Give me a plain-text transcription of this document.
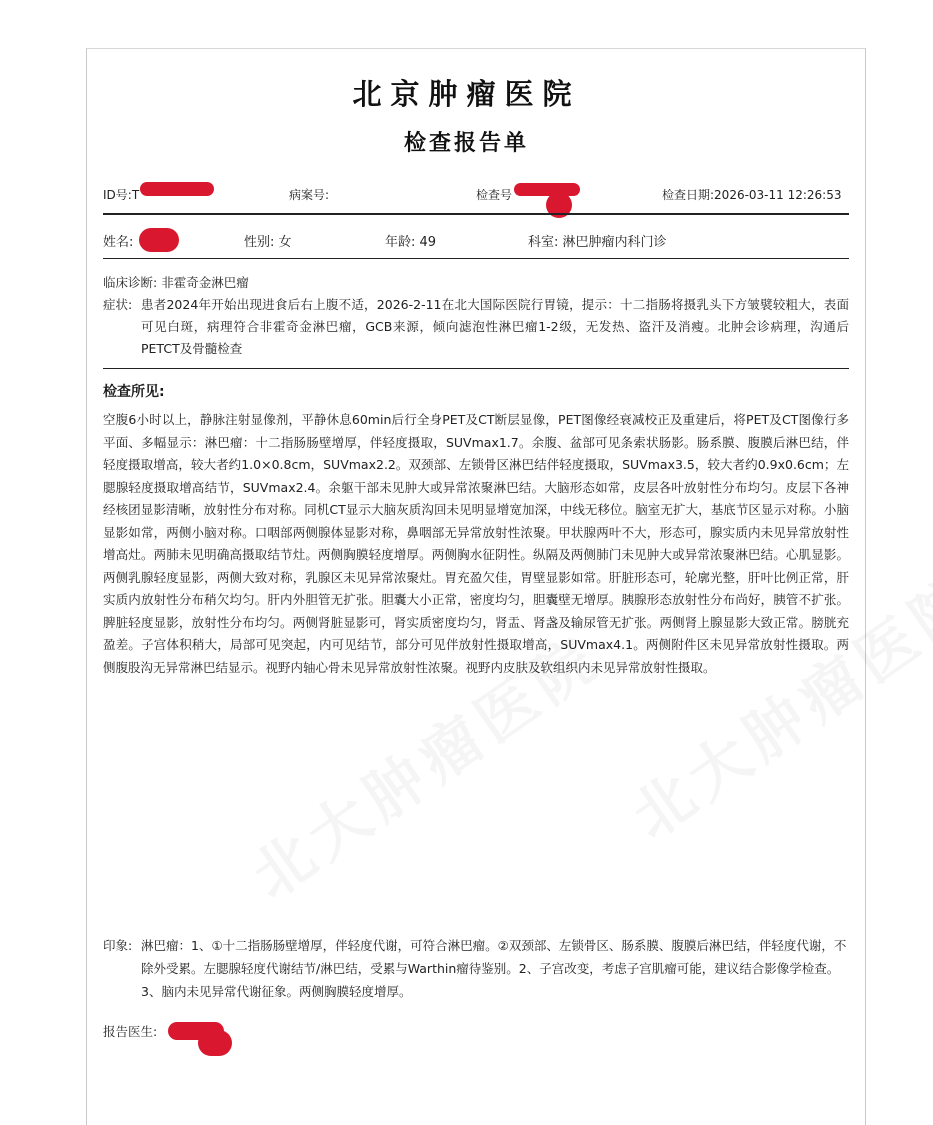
北京肿瘤医院
检查报告单
ID号:T	病案号:	检查号	检查日期:2026-03-11 12:26:53
姓名:	性别: 女	年龄: 49	科室: 淋巴肿瘤内科门诊
临床诊断: 非霍奇金淋巴瘤
症状: 患者2024年开始出现进食后右上腹不适，2026-2-11在北大国际医院行胃镜，提示：十二指肠将摄乳头下方皱襞较粗大，表面可见白斑，病理符合非霍奇金淋巴瘤，GCB来源，倾向滤泡性淋巴瘤1-2级，无发热、盗汗及消瘦。北肿会诊病理，沟通后PETCT及骨髓检查
检查所见:
空腹6小时以上，静脉注射显像剂，平静休息60min后行全身PET及CT断层显像，PET图像经衰减校正及重建后，将PET及CT图像行多平面、多幅显示：淋巴瘤：十二指肠肠壁增厚，伴轻度摄取，SUVmax1.7。余腹、盆部可见条索状肠影。肠系膜、腹膜后淋巴结，伴轻度摄取增高，较大者约1.0×0.8cm，SUVmax2.2。双颈部、左锁骨区淋巴结伴轻度摄取，SUVmax3.5，较大者约0.9x0.6cm；左腮腺轻度摄取增高结节，SUVmax2.4。余躯干部未见肿大或异常浓聚淋巴结。大脑形态如常，皮层各叶放射性分布均匀。皮层下各神经核团显影清晰，放射性分布对称。同机CT显示大脑灰质沟回未见明显增宽加深，中线无移位。脑室无扩大，基底节区显示对称。小脑显影如常，两侧小脑对称。口咽部两侧腺体显影对称，鼻咽部无异常放射性浓聚。甲状腺两叶不大，形态可，腺实质内未见异常放射性增高灶。两肺未见明确高摄取结节灶。两侧胸膜轻度增厚。两侧胸水征阴性。纵隔及两侧肺门未见肿大或异常浓聚淋巴结。心肌显影。两侧乳腺轻度显影，两侧大致对称，乳腺区未见异常浓聚灶。胃充盈欠佳，胃壁显影如常。肝脏形态可，轮廓光整，肝叶比例正常，肝实质内放射性分布稍欠均匀。肝内外胆管无扩张。胆囊大小正常，密度均匀，胆囊壁无增厚。胰腺形态放射性分布尚好，胰管不扩张。脾脏轻度显影，放射性分布均匀。两侧肾脏显影可，肾实质密度均匀，肾盂、肾盏及输尿管无扩张。两侧肾上腺显影大致正常。膀胱充盈差。子宫体积稍大，局部可见突起，内可见结节，部分可见伴放射性摄取增高，SUVmax4.1。两侧附件区未见异常放射性摄取。两侧腹股沟无异常淋巴结显示。视野内轴心骨未见异常放射性浓聚。视野内皮肤及软组织内未见异常放射性摄取。
印象: 淋巴瘤：1、①十二指肠肠壁增厚，伴轻度代谢，可符合淋巴瘤。②双颈部、左锁骨区、肠系膜、腹膜后淋巴结，伴轻度代谢，不除外受累。左腮腺轻度代谢结节/淋巴结，受累与Warthin瘤待鉴别。2、子宫改变，考虑子宫肌瘤可能，建议结合影像学检查。3、脑内未见异常代谢征象。两侧胸膜轻度增厚。
报告医生:
